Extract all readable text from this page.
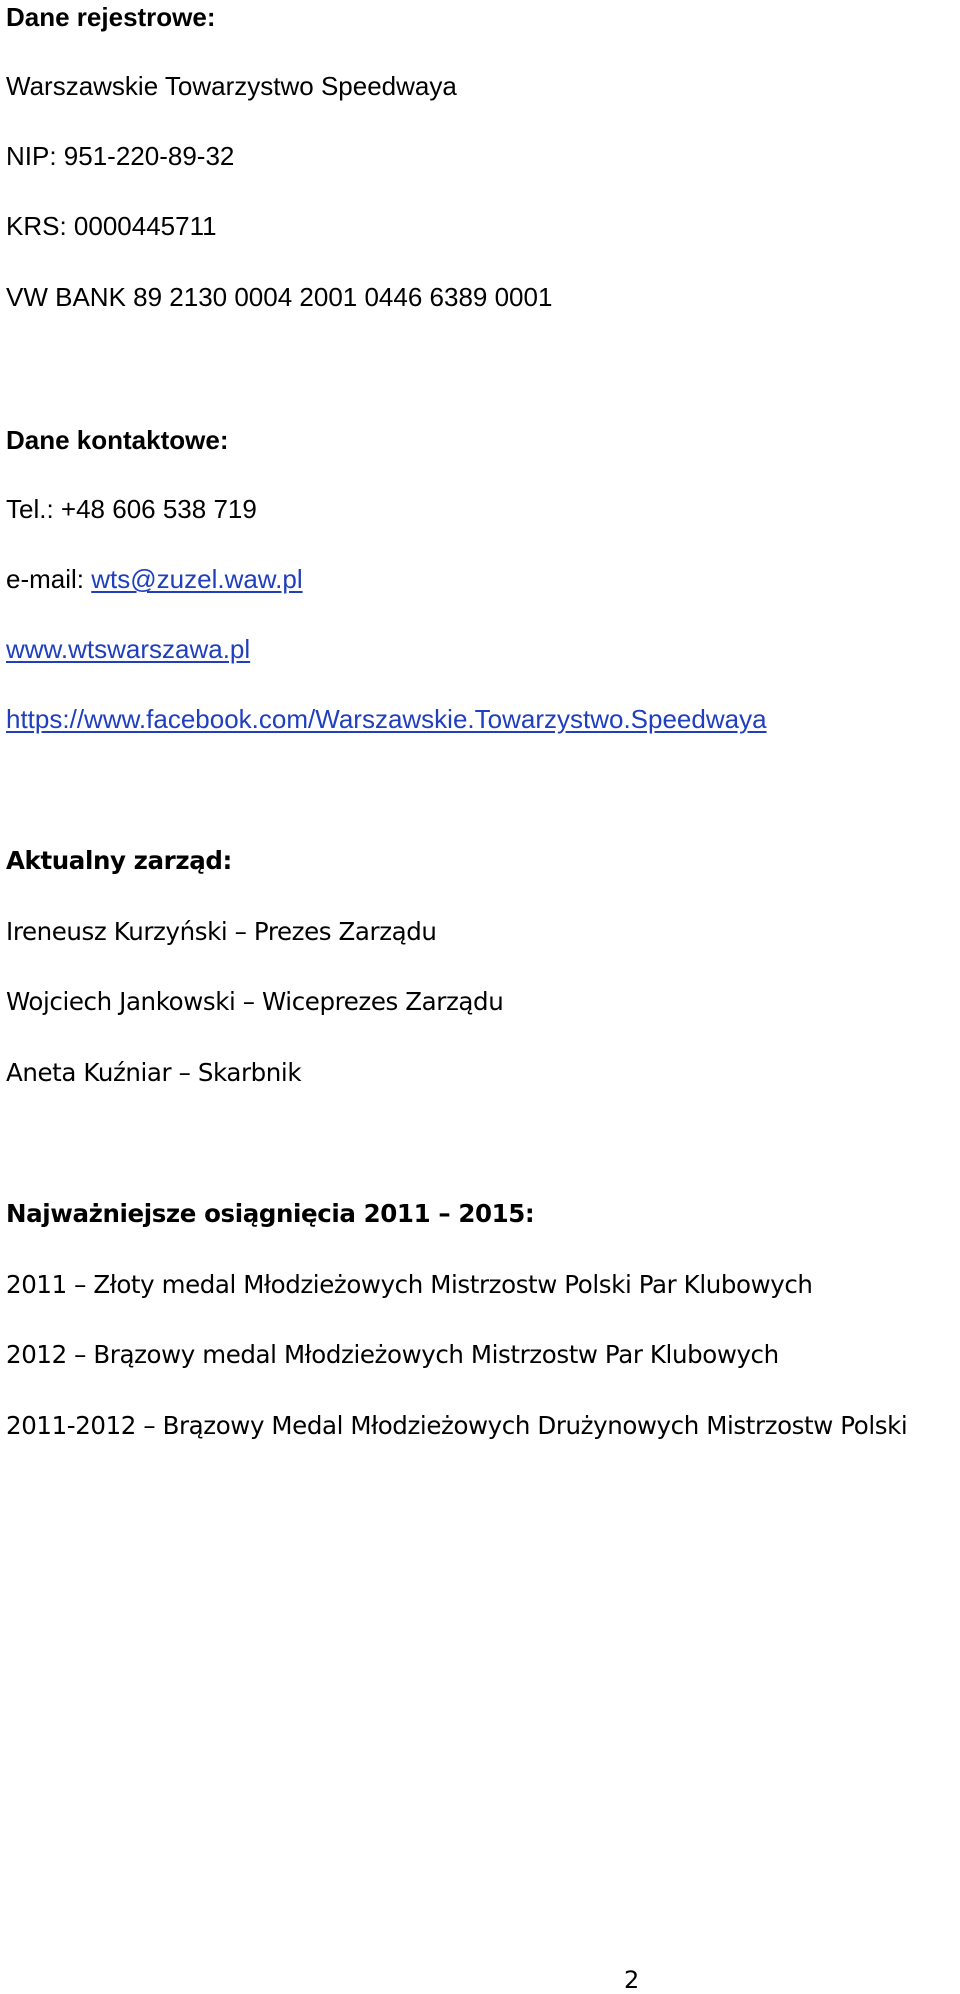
Dane rejestrowe:
Warszawskie Towarzystwo Speedwaya
NIP: 951-220-89-32
KRS: 0000445711
VW BANK 89 2130 0004 2001 0446 6389 0001
Dane kontaktowe:
Tel.: +48 606 538 719
e-mail: wts@zuzel.waw.pl
www.wtswarszawa.pl
https://www.facebook.com/Warszawskie.Towarzystwo.Speedwaya
Aktualny zarząd:
Ireneusz Kurzyński – Prezes Zarządu
Wojciech Jankowski – Wiceprezes Zarządu
Aneta Kuźniar – Skarbnik
Najważniejsze osiągnięcia 2011 – 2015:
2011 – Złoty medal Młodzieżowych Mistrzostw Polski Par Klubowych
2012 – Brązowy medal Młodzieżowych Mistrzostw Par Klubowych
2011-2012 – Brązowy Medal Młodzieżowych Drużynowych Mistrzostw Polski
2
